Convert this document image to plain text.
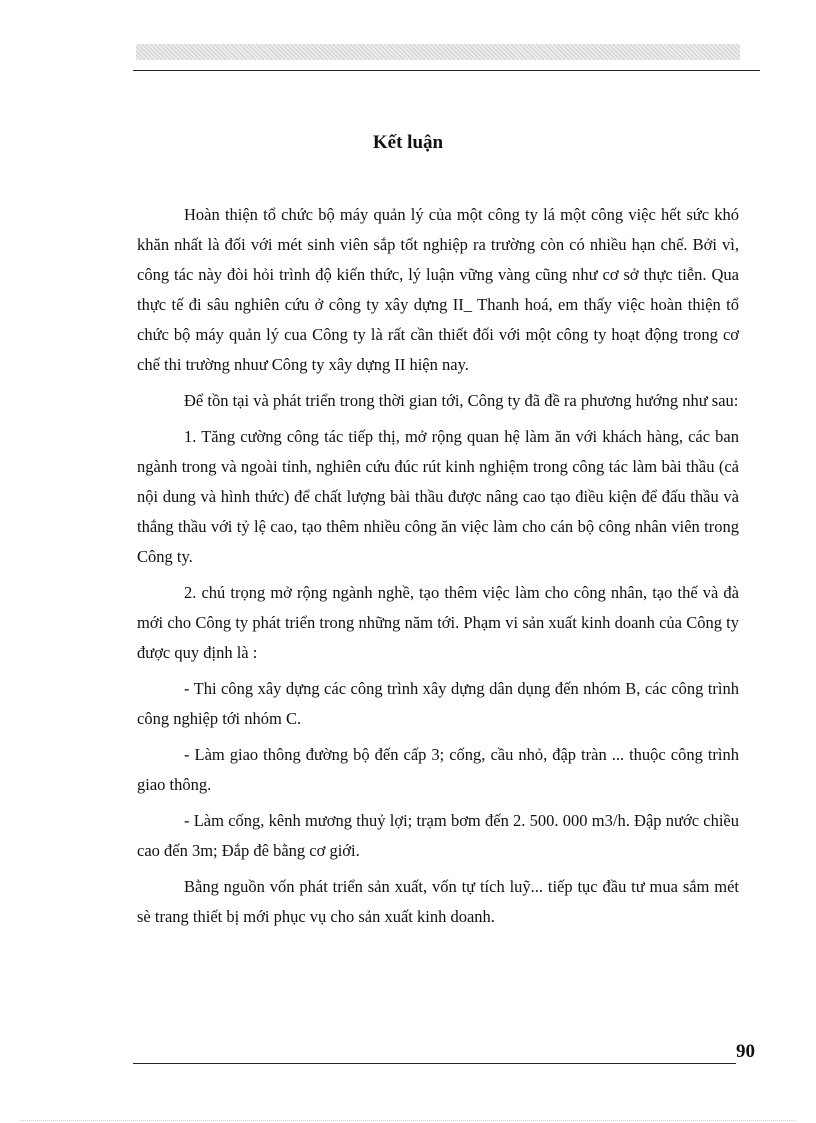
Kết luận

Hoàn thiện tổ chức bộ máy quản lý của một công ty lá một công việc hết sức khó khăn nhất là đối với mét sinh viên sắp tốt nghiệp ra trường còn có nhiều hạn chế. Bởi vì, công tác này đòi hỏi trình độ kiến thức, lý luận vững vàng cũng như cơ sở thực tiễn. Qua thực tế đi sâu nghiên cứu ở công ty xây dựng II_ Thanh hoá, em thấy việc hoàn thiện tổ chức bộ máy quản lý cua Công ty là rất cần thiết đối với một công ty hoạt động trong cơ chế thi trường nhuư Công ty xây dựng II hiện nay.

Để tồn tại và phát triển trong thời gian tới, Công ty đã đề ra phương hướng như sau:

1. Tăng cường công tác tiếp thị, mở rộng quan hệ làm ăn với khách hàng, các ban ngành trong và ngoài tỉnh, nghiên cứu đúc rút kinh nghiệm trong công tác làm bài thầu (cả nội dung và hình thức) để chất lượng bài thầu được nâng cao tạo điều kiện để đấu thầu và thắng thầu với tỷ lệ cao, tạo thêm nhiều công ăn việc làm cho cán bộ công nhân viên trong Công ty.

2. chú trọng mở rộng ngành nghề, tạo thêm việc làm cho công nhân, tạo thế và đà mới cho Công ty phát triển trong những năm tới. Phạm vi sản xuất kinh doanh của Công ty được quy định là :

- Thi công xây dựng các công trình xây dựng dân dụng đến nhóm B, các công trình công nghiệp tới nhóm C.

- Làm giao thông đường bộ đến cấp 3; cống, cầu nhỏ, đập tràn ... thuộc công trình giao thông.

- Làm cống, kênh mương thuỷ lợi; trạm bơm đến 2. 500. 000 m3/h. Đập nước chiều cao đến 3m; Đắp đê bằng cơ giới.

Bằng nguồn vốn phát triển sản xuất, vốn tự tích luỹ... tiếp tục đầu tư mua sắm mét sè trang thiết bị mới phục vụ cho sản xuất kinh doanh.

90
